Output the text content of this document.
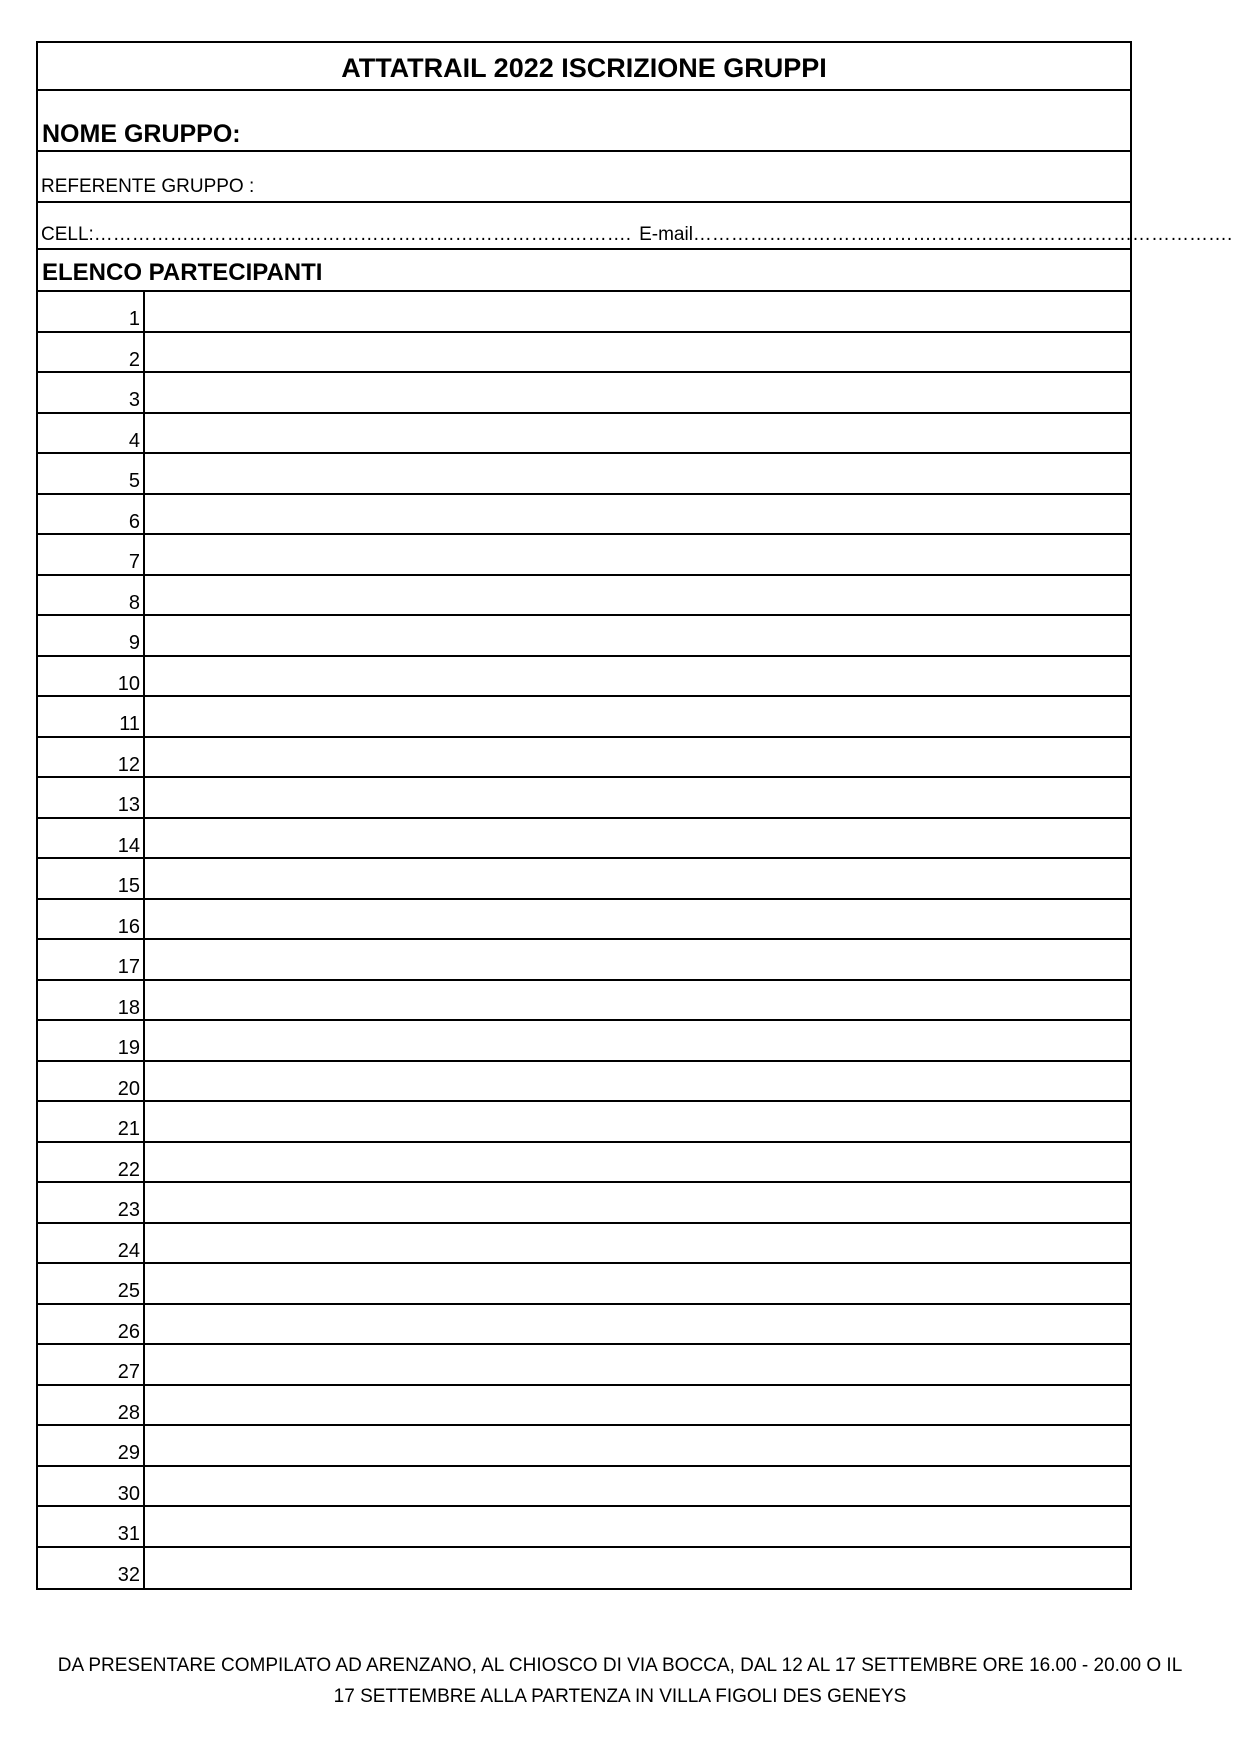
ATTATRAIL 2022 ISCRIZIONE GRUPPI
NOME GRUPPO:
REFERENTE GRUPPO :
CELL:…………………………………………………………………………. E-mail……………….……….……….……….……………………………….
ELENCO PARTECIPANTI
1
2
3
4
5
6
7
8
9
10
11
12
13
14
15
16
17
18
19
20
21
22
23
24
25
26
27
28
29
30
31
32
DA PRESENTARE COMPILATO AD ARENZANO, AL CHIOSCO DI VIA BOCCA, DAL 12 AL 17 SETTEMBRE ORE 16.00 - 20.00 O IL
17 SETTEMBRE ALLA PARTENZA IN VILLA FIGOLI DES GENEYS
